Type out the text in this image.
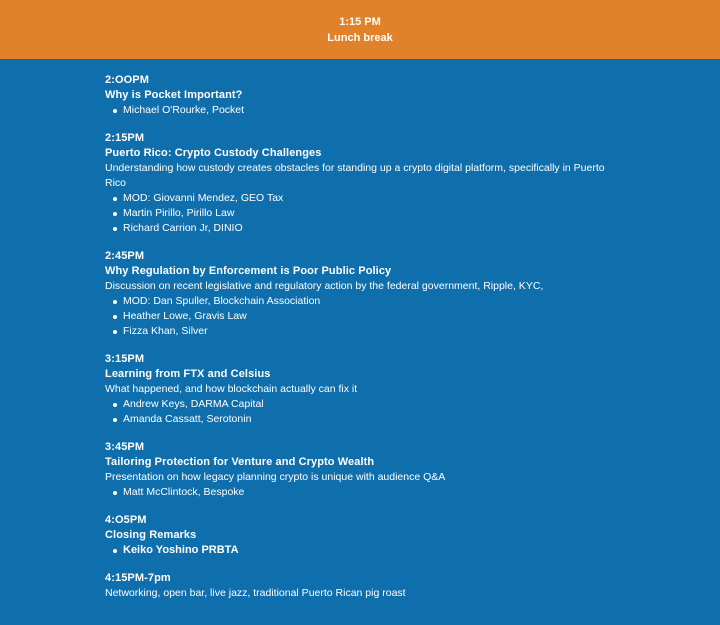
1:15 PM
Lunch break
2:OOPM
Why is Pocket Important?
Michael O'Rourke, Pocket
2:15PM
Puerto Rico: Crypto Custody Challenges
Understanding how custody creates obstacles for standing up a crypto digital platform, specifically in Puerto Rico
MOD: Giovanni Mendez, GEO Tax
Martin Pirillo, Pirillo Law
Richard Carrion Jr, DINIO
2:45PM
Why Regulation by Enforcement is Poor Public Policy
Discussion on recent legislative and regulatory action by the federal government, Ripple, KYC,
MOD: Dan Spuller, Blockchain Association
Heather Lowe, Gravis Law
Fizza Khan, Silver
3:15PM
Learning from FTX and Celsius
What happened, and how blockchain actually can fix it
Andrew Keys, DARMA Capital
Amanda Cassatt, Serotonin
3:45PM
Tailoring Protection for Venture and Crypto Wealth
Presentation on how legacy planning crypto is unique with audience Q&A
Matt McClintock, Bespoke
4:O5PM
Closing Remarks
Keiko Yoshino PRBTA
4:15PM-7pm
Networking, open bar, live jazz, traditional Puerto Rican pig roast
